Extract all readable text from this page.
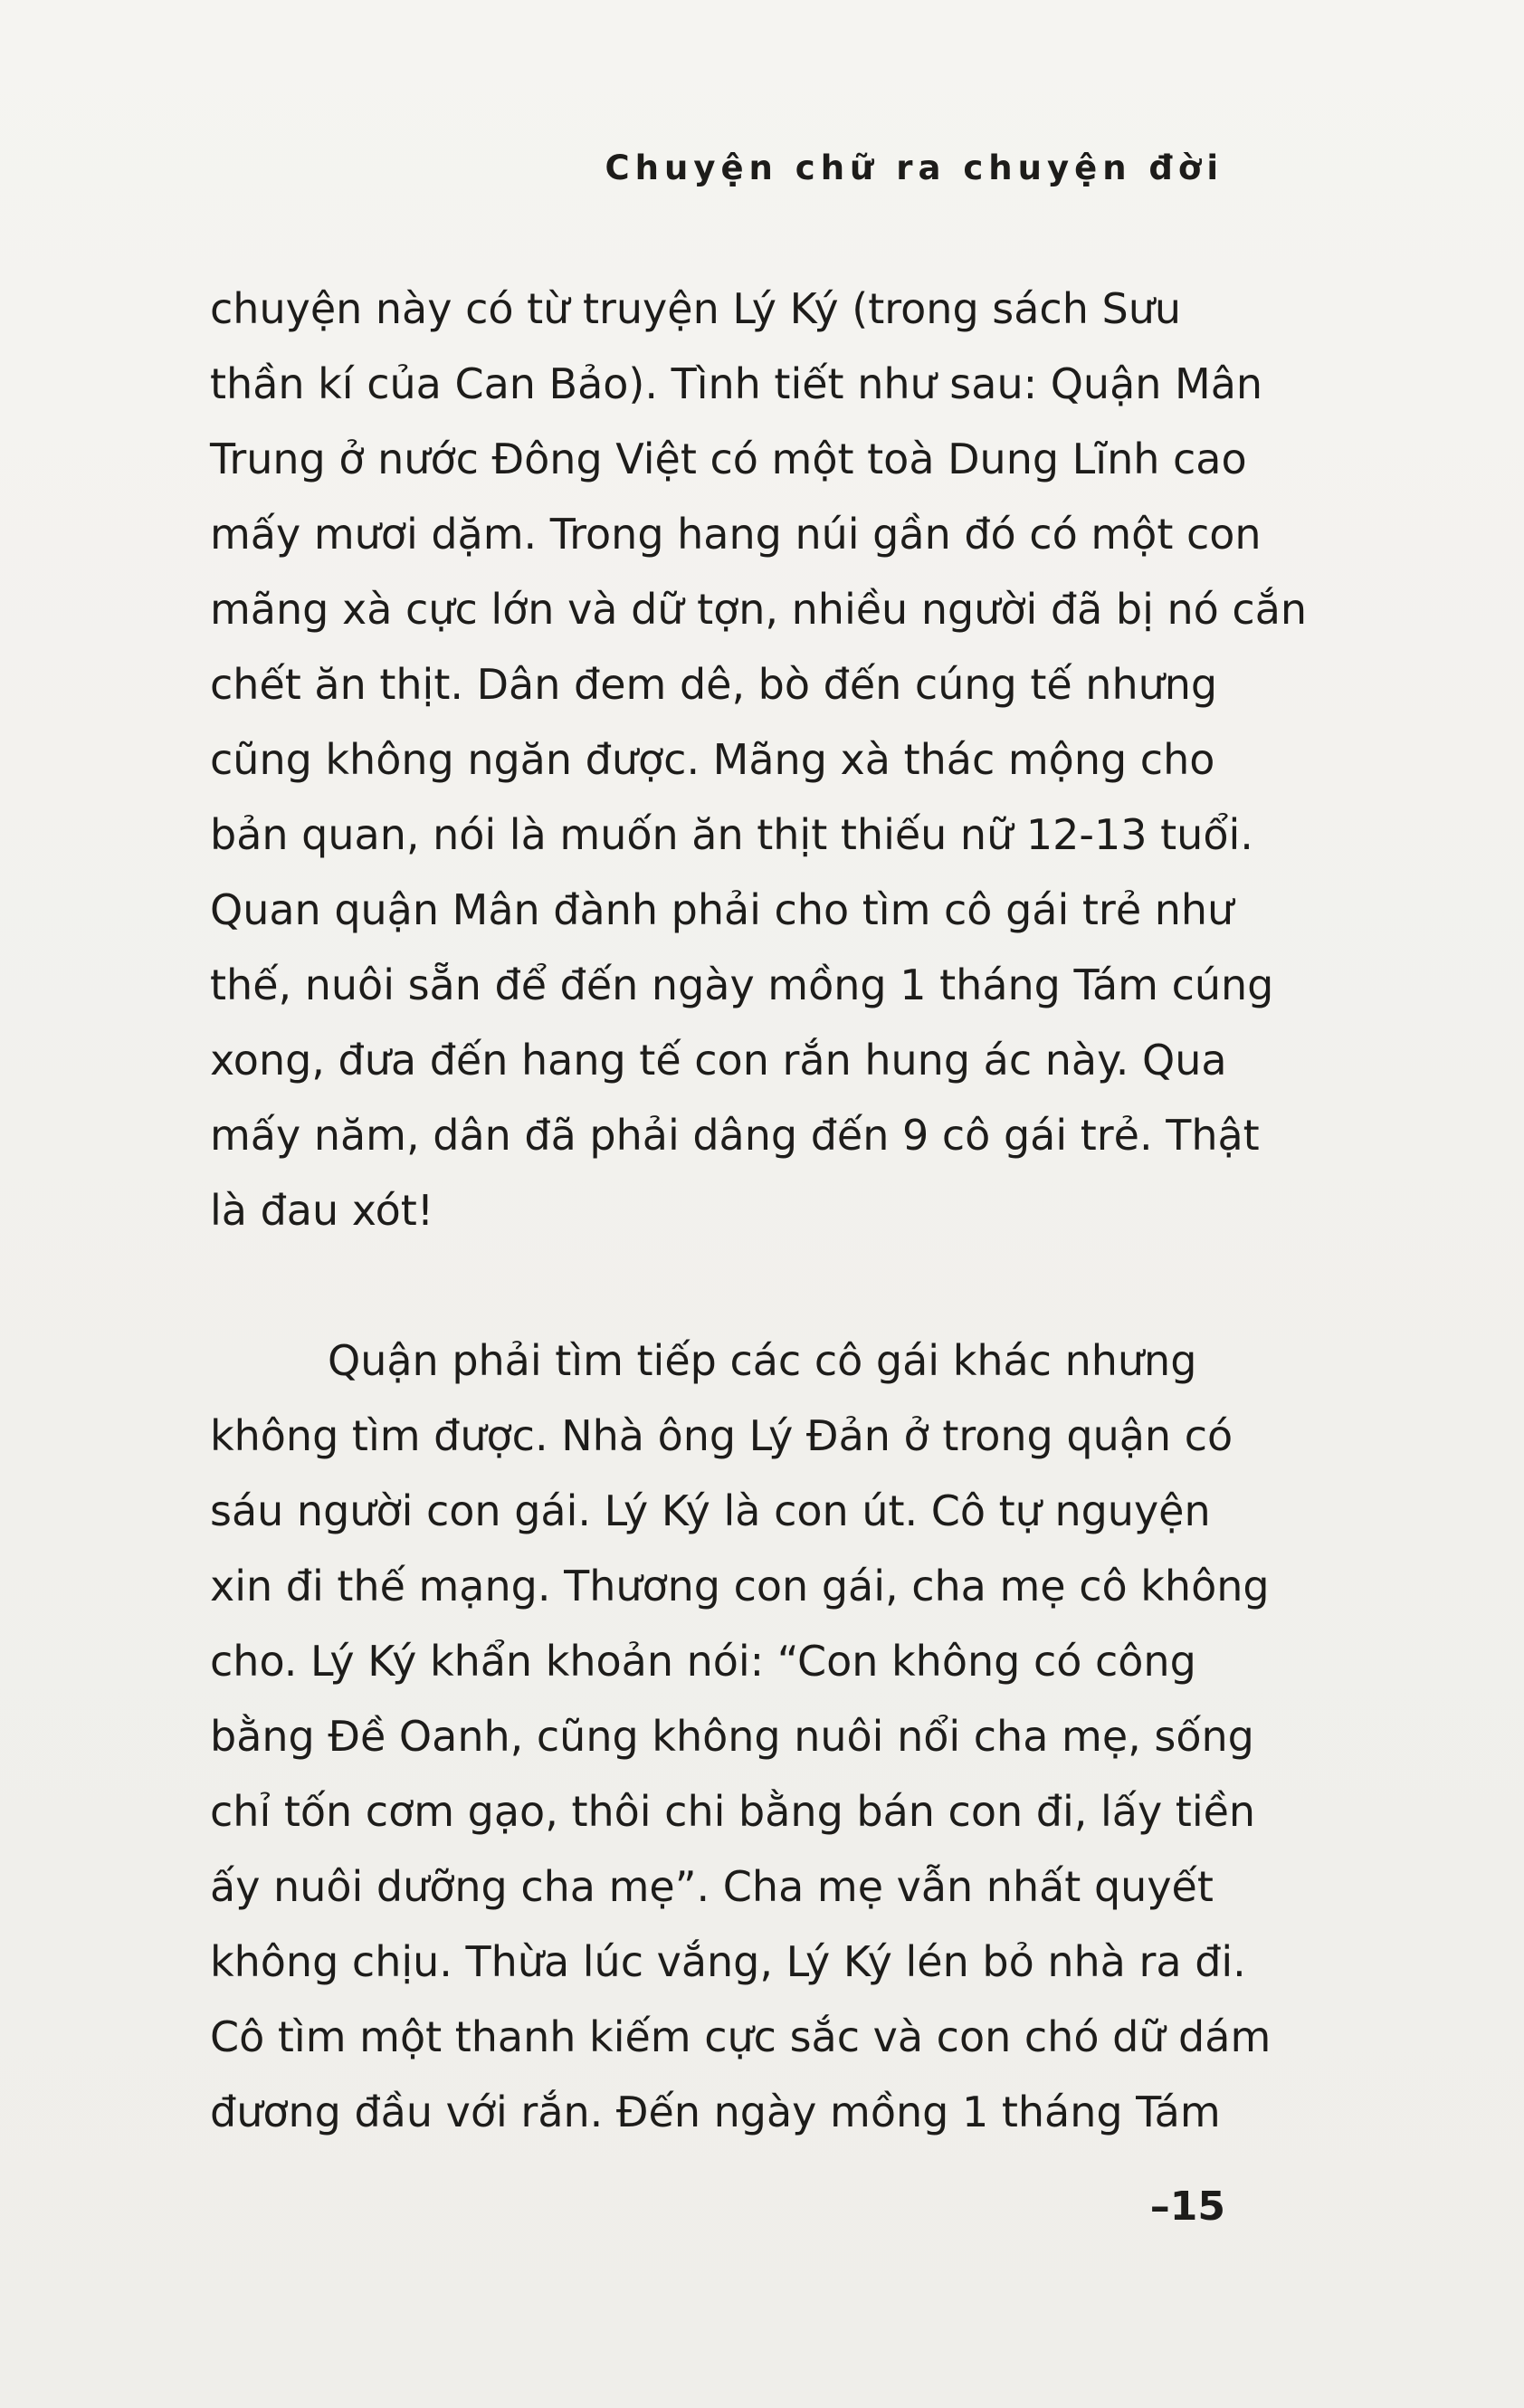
Chuyện chữ ra chuyện đời
chuyện này có từ truyện Lý Ký (trong sách Sưu
thần kí của Can Bảo). Tình tiết như sau: Quận Mân
Trung ở nước Đông Việt có một toà Dung Lĩnh cao
mấy mươi dặm. Trong hang núi gần đó có một con
mãng xà cực lớn và dữ tợn, nhiều người đã bị nó cắn
chết ăn thịt. Dân đem dê, bò đến cúng tế nhưng
cũng không ngăn được. Mãng xà thác mộng cho
bản quan, nói là muốn ăn thịt thiếu nữ 12-13 tuổi.
Quan quận Mân đành phải cho tìm cô gái trẻ như
thế, nuôi sẵn để đến ngày mồng 1 tháng Tám cúng
xong, đưa đến hang tế con rắn hung ác này. Qua
mấy năm, dân đã phải dâng đến 9 cô gái trẻ. Thật
là đau xót!
Quận phải tìm tiếp các cô gái khác nhưng
không tìm được. Nhà ông Lý Đản ở trong quận có
sáu người con gái. Lý Ký là con út. Cô tự nguyện
xin đi thế mạng. Thương con gái, cha mẹ cô không
cho. Lý Ký khẩn khoản nói: “Con không có công
bằng Đề Oanh, cũng không nuôi nổi cha mẹ, sống
chỉ tốn cơm gạo, thôi chi bằng bán con đi, lấy tiền
ấy nuôi dưỡng cha mẹ”. Cha mẹ vẫn nhất quyết
không chịu. Thừa lúc vắng, Lý Ký lén bỏ nhà ra đi.
Cô tìm một thanh kiếm cực sắc và con chó dữ dám
đương đầu với rắn. Đến ngày mồng 1 tháng Tám
–15
